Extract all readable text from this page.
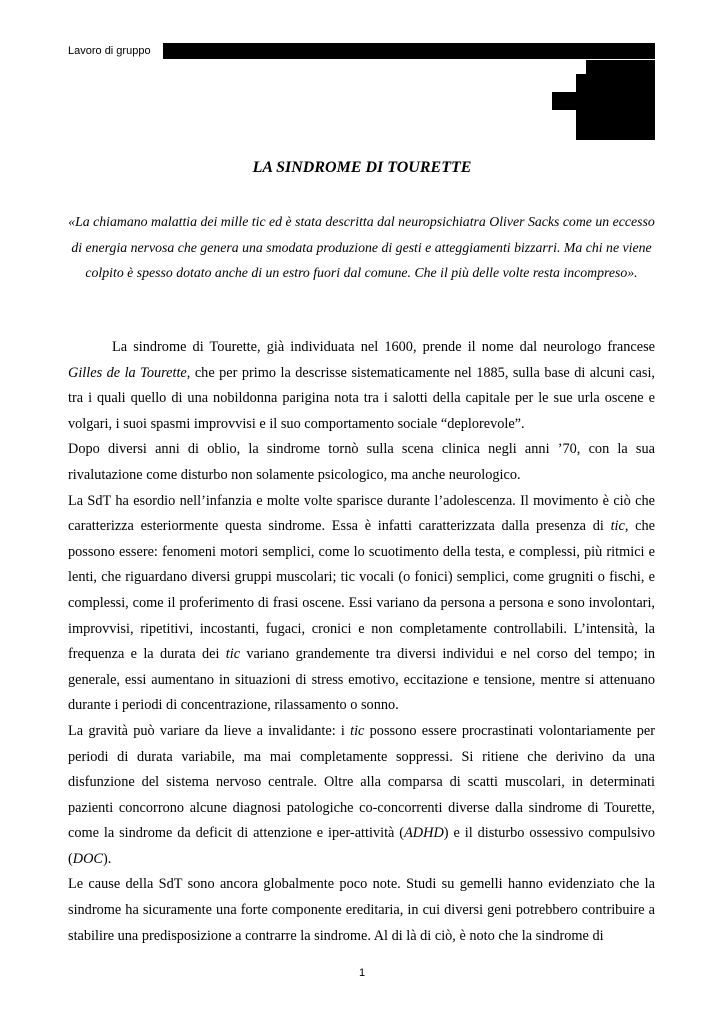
Lavoro di gruppo
LA SINDROME DI TOURETTE
«La chiamano malattia dei mille tic ed è stata descritta dal neuropsichiatra Oliver Sacks come un eccesso di energia nervosa che genera una smodata produzione di gesti e atteggiamenti bizzarri. Ma chi ne viene colpito è spesso dotato anche di un estro fuori dal comune. Che il più delle volte resta incompreso».

La sindrome di Tourette, già individuata nel 1600, prende il nome dal neurologo francese Gilles de la Tourette, che per primo la descrisse sistematicamente nel 1885, sulla base di alcuni casi, tra i quali quello di una nobildonna parigina nota tra i salotti della capitale per le sue urla oscene e volgari, i suoi spasmi improvvisi e il suo comportamento sociale “deplorevole”.

Dopo diversi anni di oblio, la sindrome tornò sulla scena clinica negli anni ’70, con la sua rivalutazione come disturbo non solamente psicologico, ma anche neurologico.

La SdT ha esordio nell’infanzia e molte volte sparisce durante l’adolescenza. Il movimento è ciò che caratterizza esteriormente questa sindrome. Essa è infatti caratterizzata dalla presenza di tic, che possono essere: fenomeni motori semplici, come lo scuotimento della testa, e complessi, più ritmici e lenti, che riguardano diversi gruppi muscolari; tic vocali (o fonici) semplici, come grugniti o fischi, e complessi, come il proferimento di frasi oscene. Essi variano da persona a persona e sono involontari, improvvisi, ripetitivi, incostanti, fugaci, cronici e non completamente controllabili. L’intensità, la frequenza e la durata dei tic variano grandemente tra diversi individui e nel corso del tempo; in generale, essi aumentano in situazioni di stress emotivo, eccitazione e tensione, mentre si attenuano durante i periodi di concentrazione, rilassamento o sonno.

La gravità può variare da lieve a invalidante: i tic possono essere procrastinati volontariamente per periodi di durata variabile, ma mai completamente soppressi. Si ritiene che derivino da una disfunzione del sistema nervoso centrale. Oltre alla comparsa di scatti muscolari, in determinati pazienti concorrono alcune diagnosi patologiche co-concorrenti diverse dalla sindrome di Tourette, come la sindrome da deficit di attenzione e iper-attività (ADHD) e il disturbo ossessivo compulsivo (DOC).

Le cause della SdT sono ancora globalmente poco note. Studi su gemelli hanno evidenziato che la sindrome ha sicuramente una forte componente ereditaria, in cui diversi geni potrebbero contribuire a stabilire una predisposizione a contrarre la sindrome. Al di là di ciò, è noto che la sindrome di

1
